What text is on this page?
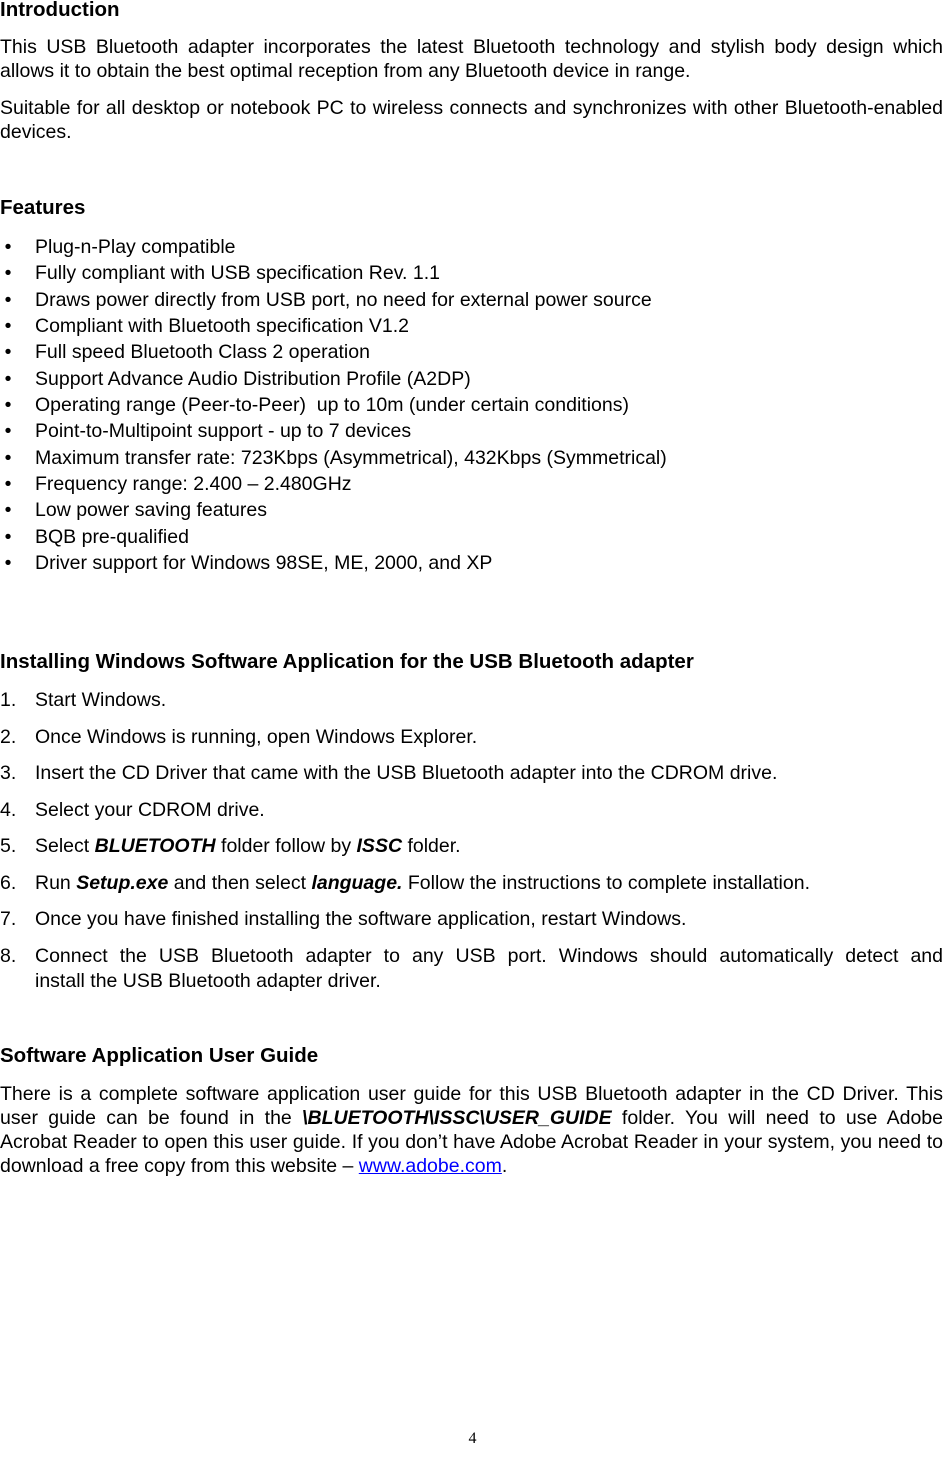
Introduction

This USB Bluetooth adapter incorporates the latest Bluetooth technology and stylish body design which allows it to obtain the best optimal reception from any Bluetooth device in range.

Suitable for all desktop or notebook PC to wireless connects and synchronizes with other Bluetooth-enabled devices.

Features
• Plug-n-Play compatible
• Fully compliant with USB specification Rev. 1.1
• Draws power directly from USB port, no need for external power source
• Compliant with Bluetooth specification V1.2
• Full speed Bluetooth Class 2 operation
• Support Advance Audio Distribution Profile (A2DP)
• Operating range (Peer-to-Peer)  up to 10m (under certain conditions)
• Point-to-Multipoint support - up to 7 devices
• Maximum transfer rate: 723Kbps (Asymmetrical), 432Kbps (Symmetrical)
• Frequency range: 2.400 – 2.480GHz
• Low power saving features
• BQB pre-qualified
• Driver support for Windows 98SE, ME, 2000, and XP
Installing Windows Software Application for the USB Bluetooth adapter
1. Start Windows.
2. Once Windows is running, open Windows Explorer.
3. Insert the CD Driver that came with the USB Bluetooth adapter into the CDROM drive.
4. Select your CDROM drive.
5. Select BLUETOOTH folder follow by ISSC folder.
6. Run Setup.exe and then select language. Follow the instructions to complete installation.
7. Once you have finished installing the software application, restart Windows.
8. Connect the USB Bluetooth adapter to any USB port. Windows should automatically detect and
install the USB Bluetooth adapter driver.
Software Application User Guide

There is a complete software application user guide for this USB Bluetooth adapter in the CD Driver. This user guide can be found in the \BLUETOOTH\ISSC\USER_GUIDE folder. You will need to use Adobe Acrobat Reader to open this user guide. If you don’t have Adobe Acrobat Reader in your system, you need to download a free copy from this website – www.adobe.com.

4
